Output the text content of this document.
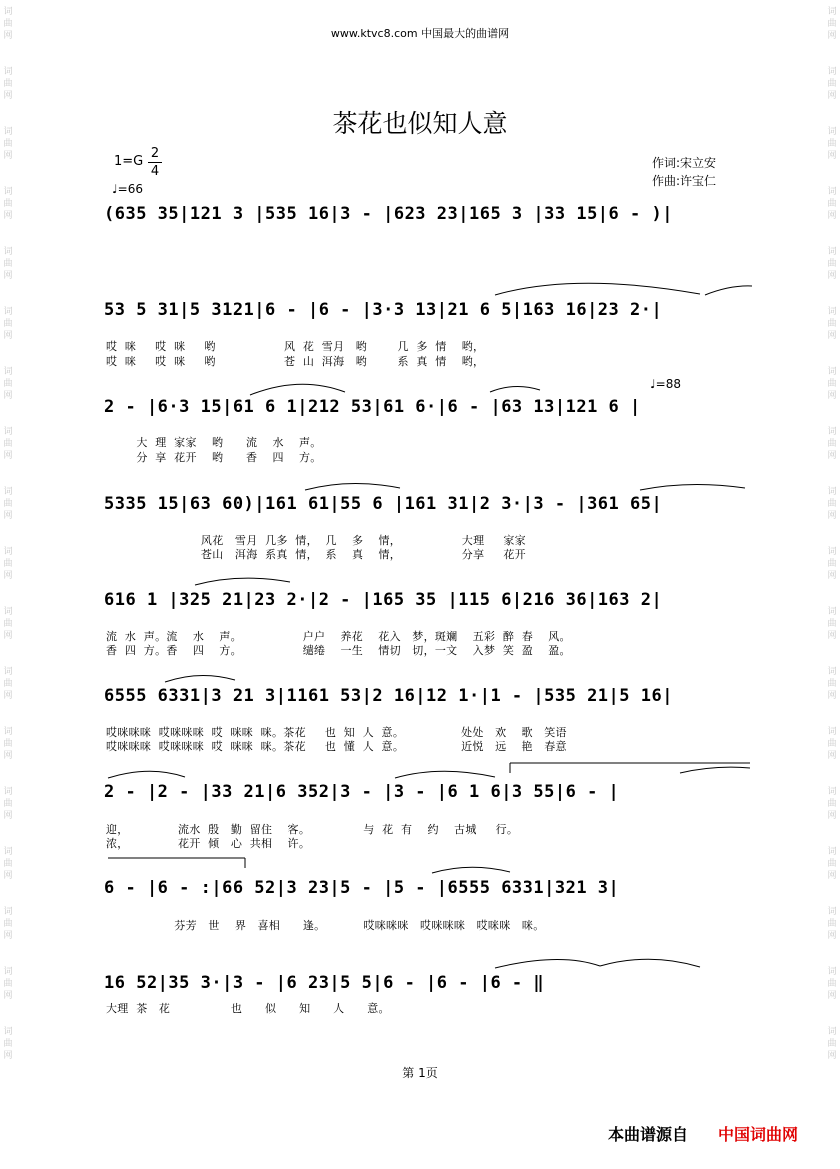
词
曲
网
词
曲
网
词
曲
网
词
曲
网
词
曲
网
词
曲
网
词
曲
网
词
曲
网
词
曲
网
词
曲
网
词
曲
网
词
曲
网
词
曲
网
词
曲
网
词
曲
网
词
曲
网
词
曲
网
词
曲
网
词
曲
网
词
曲
网
词
曲
网
词
曲
网
词
曲
网
词
曲
网
词
曲
网
词
曲
网
词
曲
网
词
曲
网
词
曲
网
词
曲
网
词
曲
网
词
曲
网
词
曲
网
词
曲
网
词
曲
网
词
曲
网
www.ktvc8.com 中国最大的曲谱网
茶花也似知人意
1=G
2
4
♩=66
♩=88
作词:宋立安
作曲:许宝仁
(635 35|121 3 |535 16|3 - |623 23|165 3 |33 15|6 - )|
53 5 31|5 3121|6 - |6 - |3·3 13|21 6 5|163 16|23 2·|
哎  咪     哎  咪     哟                  风  花  雪月   哟        几  多  情    哟，
哎  咪     哎  咪     哟                  苍  山  洱海   哟        系  真  情    哟，
2 - |6·3 15|61 6 1|212 53|61 6·|6 - |63 13|121 6 |
大  理  家家    哟      流    水    声。
分  享  花开    哟      香    四    方。
5335 15|63 60)|161 61|55 6 |161 31|2 3·|3 - |361 65|
风花   雪月  几多  情，  几    多    情，                大理     家家
苍山   洱海  系真  情，  系    真    情，                分享     花开
616 1 |325 21|23 2·|2 - |165 35 |115 6|216 36|163 2|
流  水  声。流    水    声。                户户    养花    花入   梦，斑斓    五彩  醉  春    风。
香  四  方。香    四    方。                缱绻    一生    情切   切，一文    入梦  笑  盈    盈。
6555 6331|3 21 3|1161 53|2 16|12 1·|1 - |535 21|5 16|
哎咪咪咪  哎咪咪咪  哎  咪咪  咪。茶花     也  知  人  意。               处处   欢    歌   笑语
哎咪咪咪  哎咪咪咪  哎  咪咪  咪。茶花     也  懂  人  意。               近悦   远    艳   春意
2 - |2 - |33 21|6 352|3 - |3 - |6 1 6|3 55|6 - |
迎，             流水  殷   勤  留住    客。              与  花  有    约    古城     行。
浓，             花开  倾   心  共相    许。
6 - |6 - :|66 52|3 23|5 - |5 - |6555 6331|321 3|
芬芳   世    界   喜相      逢。          哎咪咪咪   哎咪咪咪   哎咪咪   咪。
16 52|35 3·|3 - |6 23|5 5|6 - |6 - |6 - ‖
大理  茶   花                也      似      知      人      意。
第 1页
本曲谱源自 中国词曲网
